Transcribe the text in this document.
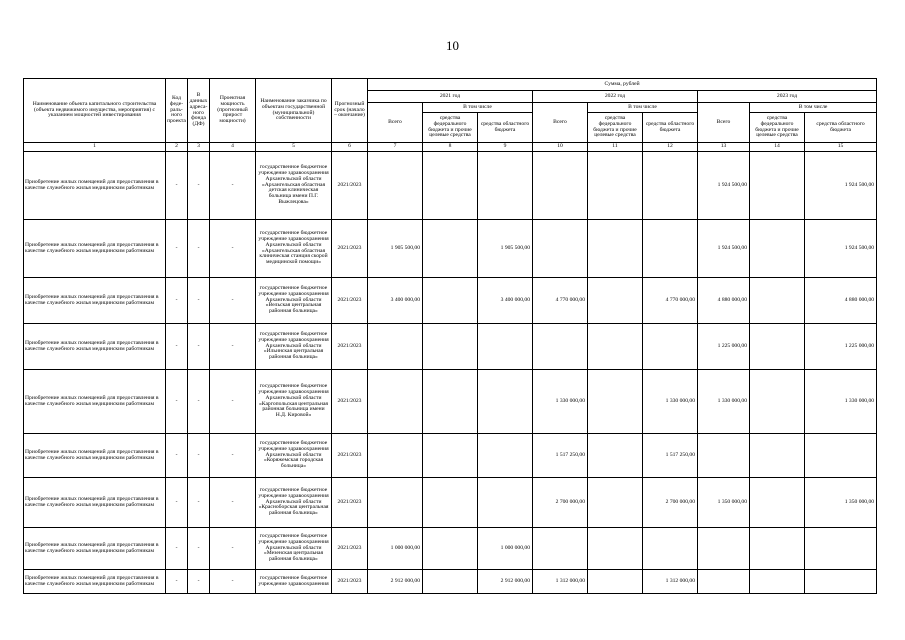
10
Наименование объекта капитального строительства (объекта недвижимого имущества, мероприятия) с указанием мощностей инвестирования	Код феде-раль-ного проекта	В данных адреса-ного фонда (ДФ)	Проектная мощность (прогнозный прирост мощности)	Наименование заказчика по объектам государственной (муниципальной) собственности	Прогнозный срок (начало – окончание)	Сумма, рублей								
						2021 год			2022 год			2023 год		
						Всего	В том числе		Всего	В том числе		Всего	В том числе	
							средства федерального бюджета и прочие целевые средства	средства областного бюджета		средства федерального бюджета и прочие целевые средства	средства областного бюджета		средства федерального бюджета и прочие целевые средства	средства областного бюджета
1	2	3	4	5	6	7	8	9	10	11	12	13	14	15
Приобретение жилых помещений для предоставления в качестве служебного жилья медицинским работникам	-	-	-	государственное бюджетное учреждение здравоохранения Архангельской области «Архангельская областная детская клиническая больница имени П.Г. Выжлецова»	2021/2023							1 924 500,00		1 924 500,00
Приобретение жилых помещений для предоставления в качестве служебного жилья медицинским работникам	-	-	-	государственное бюджетное учреждение здравоохранения Архангельской области «Архангельская областная клиническая станция скорой медицинской помощи»	2021/2023	1 905 500,00		1 905 500,00				1 924 500,00		1 924 500,00
Приобретение жилых помещений для предоставления в качестве служебного жилья медицинским работникам	-	-	-	государственное бюджетное учреждение здравоохранения Архангельской области «Вельская центральная районная больница»	2021/2023	3 400 000,00		3 400 000,00	4 770 000,00		4 770 000,00	4 880 000,00		4 880 000,00
Приобретение жилых помещений для предоставления в качестве служебного жилья медицинским работникам	-	-	-	государственное бюджетное учреждение здравоохранения Архангельской области «Ильинская центральная районная больница»	2021/2023							1 225 000,00		1 225 000,00
Приобретение жилых помещений для предоставления в качестве служебного жилья медицинским работникам	-	-	-	государственное бюджетное учреждение здравоохранения Архангельской области «Каргопольская центральная районная больница имени Н.Д. Кировой»	2021/2023				1 330 000,00		1 330 000,00	1 330 000,00		1 330 000,00
Приобретение жилых помещений для предоставления в качестве служебного жилья медицинским работникам	-	-	-	государственное бюджетное учреждение здравоохранения Архангельской области «Коряжемская городская больница»	2021/2023				1 517 250,00		1 517 250,00			
Приобретение жилых помещений для предоставления в качестве служебного жилья медицинским работникам	-	-	-	государственное бюджетное учреждение здравоохранения Архангельской области «Красноборская центральная районная больница»	2021/2023				2 700 000,00		2 700 000,00	1 350 000,00		1 350 000,00
Приобретение жилых помещений для предоставления в качестве служебного жилья медицинским работникам	-	-	-	государственное бюджетное учреждение здравоохранения Архангельской области «Мезенская центральная районная больница»	2021/2023	1 000 000,00		1 000 000,00						
Приобретение жилых помещений для предоставления в качестве служебного жилья медицинским работникам	-	-	-	государственное бюджетное учреждение здравоохранения	2021/2023	2 912 000,00		2 912 000,00	1 312 000,00		1 312 000,00			
